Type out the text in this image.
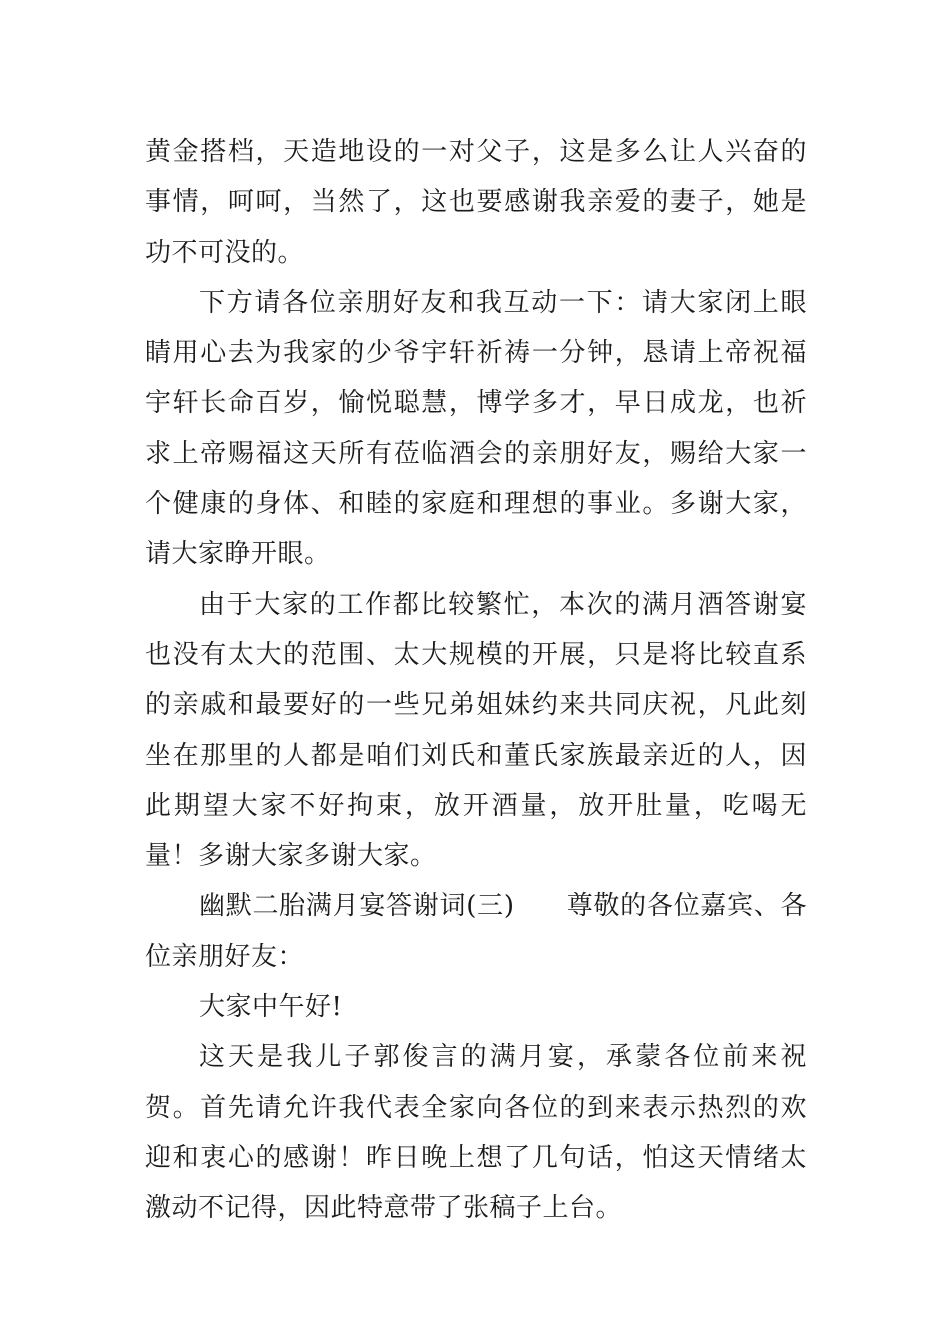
黄金搭档，天造地设的一对父子，这是多么让人兴奋的事情，呵呵，当然了，这也要感谢我亲爱的妻子，她是功不可没的。

下方请各位亲朋好友和我互动一下：请大家闭上眼睛用心去为我家的少爷宇轩祈祷一分钟，恳请上帝祝福宇轩长命百岁，愉悦聪慧，博学多才，早日成龙，也祈求上帝赐福这天所有莅临酒会的亲朋好友，赐给大家一个健康的身体、和睦的家庭和理想的事业。多谢大家，请大家睁开眼。

由于大家的工作都比较繁忙，本次的满月酒答谢宴也没有太大的范围、太大规模的开展，只是将比较直系的亲戚和最要好的一些兄弟姐妹约来共同庆祝，凡此刻坐在那里的人都是咱们刘氏和董氏家族最亲近的人，因此期望大家不好拘束，放开酒量，放开肚量，吃喝无量！多谢大家多谢大家。

幽默二胎满月宴答谢词(三) 尊敬的各位嘉宾、各位亲朋好友：

大家中午好!

这天是我儿子郭俊言的满月宴，承蒙各位前来祝贺。首先请允许我代表全家向各位的到来表示热烈的欢迎和衷心的感谢！昨日晚上想了几句话，怕这天情绪太激动不记得，因此特意带了张稿子上台。
